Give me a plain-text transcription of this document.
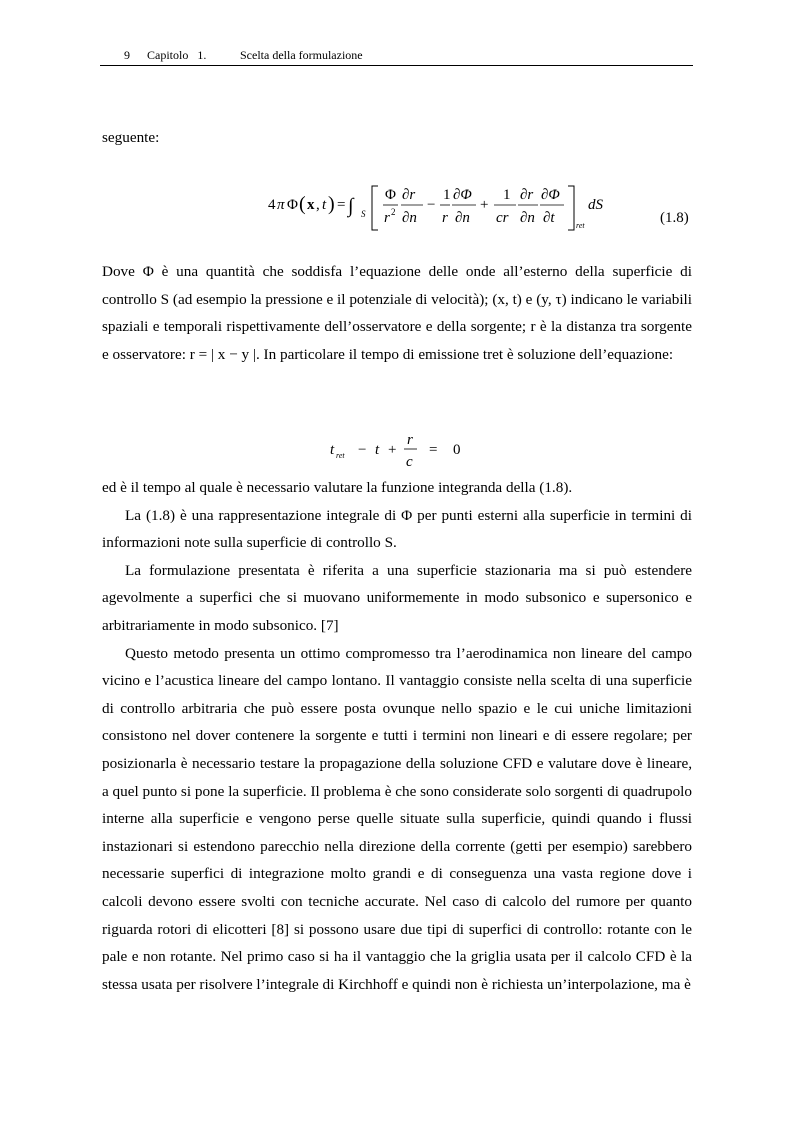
9 Capitolo   1.	Scelta della formulazione

seguente:

4 π Φ ( x , t ) = ∫ S
Φ ∂r
r 2 ∂n
−
1 ∂Φ
r ∂n
+
1 ∂r ∂Φ
cr ∂n ∂t	ret
dS
(1.8)

Dove Φ è una quantità che soddisfa l’equazione delle onde all’esterno della superficie di controllo S (ad esempio la pressione e il potenziale di velocità); (x, t) e (y, τ) indicano le variabili spaziali e temporali rispettivamente dell’osservatore e della sorgente; r è la distanza tra sorgente e osservatore: r = | x − y |. In particolare il tempo di emissione tret è soluzione dell’equazione:

t ret − t +
r
c
= 0

ed è il tempo al quale è necessario valutare la funzione integranda della (1.8).

La (1.8) è una rappresentazione integrale di Φ per punti esterni alla superficie in termini di informazioni note sulla superficie di controllo S.

La formulazione presentata è riferita a una superficie stazionaria ma si può estendere agevolmente a superfici che si muovano uniformemente in modo subsonico e supersonico e arbitrariamente in modo subsonico. [7]

Questo metodo presenta un ottimo compromesso tra l’aerodinamica non lineare del campo vicino e l’acustica lineare del campo lontano. Il vantaggio consiste nella scelta di una superficie di controllo arbitraria che può essere posta ovunque nello spazio e le cui uniche limitazioni consistono nel dover contenere la sorgente e tutti i termini non lineari e di essere regolare; per posizionarla è necessario testare la propagazione della soluzione CFD e valutare dove è lineare, a quel punto si pone la superficie. Il problema è che sono considerate solo sorgenti di quadrupolo interne alla superficie e vengono perse quelle situate sulla superficie, quindi quando i flussi instazionari si estendono parecchio nella direzione della corrente (getti per esempio) sarebbero necessarie superfici di integrazione molto grandi e di conseguenza una vasta regione dove i calcoli devono essere svolti con tecniche accurate. Nel caso di calcolo del rumore per quanto riguarda rotori di elicotteri [8] si possono usare due tipi di superfici di controllo: rotante con le pale e non rotante. Nel primo caso si ha il vantaggio che la griglia usata per il calcolo CFD è la stessa usata per risolvere l’integrale di Kirchhoff e quindi non è richiesta un’interpolazione, ma è
